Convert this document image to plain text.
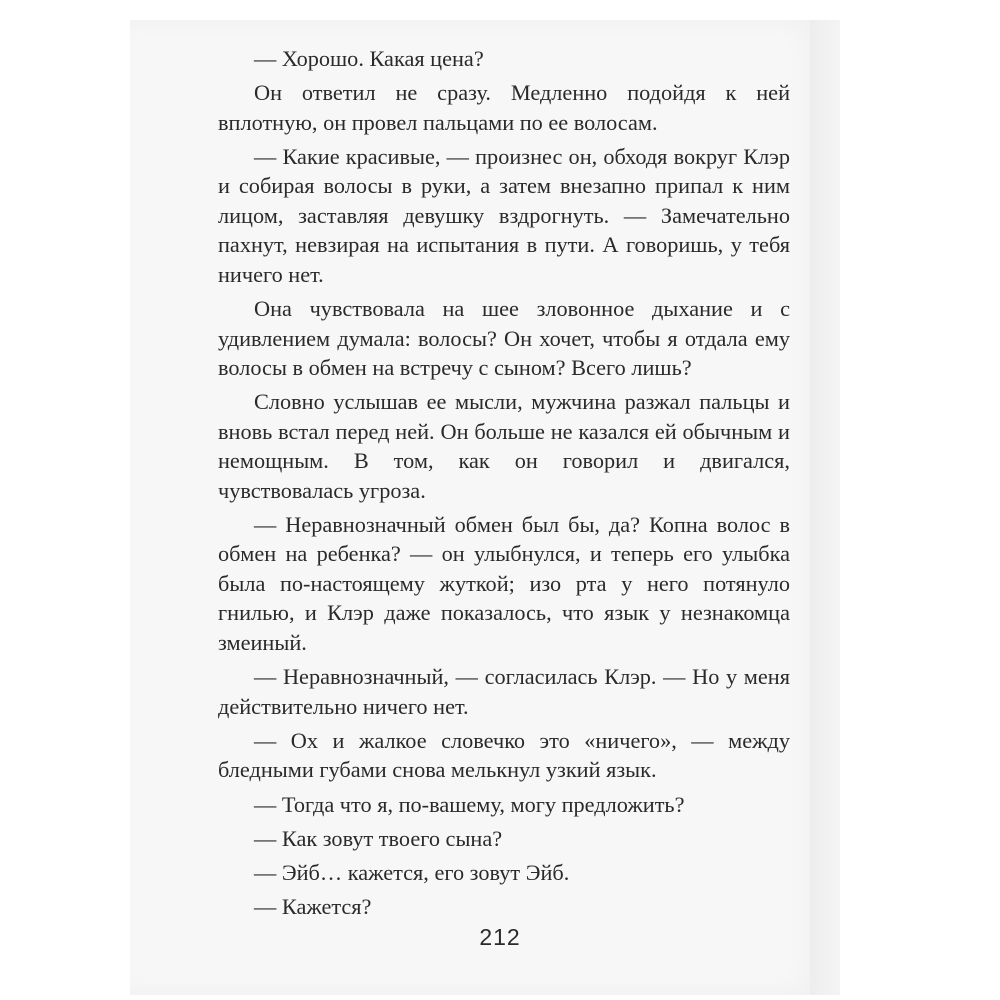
— Хорошо. Какая цена?

Он ответил не сразу. Медленно подойдя к ней вплотную, он провел пальцами по ее волосам.

— Какие красивые, — произнес он, обходя вокруг Клэр и собирая волосы в руки, а затем внезапно припал к ним лицом, заставляя девушку вздрогнуть. — Замечательно пахнут, невзирая на испытания в пути. А говоришь, у тебя ничего нет.

Она чувствовала на шее зловонное дыхание и с удивлением думала: волосы? Он хочет, чтобы я отдала ему волосы в обмен на встречу с сыном? Всего лишь?

Словно услышав ее мысли, мужчина разжал пальцы и вновь встал перед ней. Он больше не казался ей обычным и немощным. В том, как он говорил и двигался, чувствовалась угроза.

— Неравнозначный обмен был бы, да? Копна волос в обмен на ребенка? — он улыбнулся, и теперь его улыбка была по-настоящему жуткой; изо рта у него потянуло гнилью, и Клэр даже показалось, что язык у незнакомца змеиный.

— Неравнозначный, — согласилась Клэр. — Но у меня действительно ничего нет.

— Ох и жалкое словечко это «ничего», — между бледными губами снова мелькнул узкий язык.

— Тогда что я, по-вашему, могу предложить?

— Как зовут твоего сына?

— Эйб… кажется, его зовут Эйб.

— Кажется?

212
